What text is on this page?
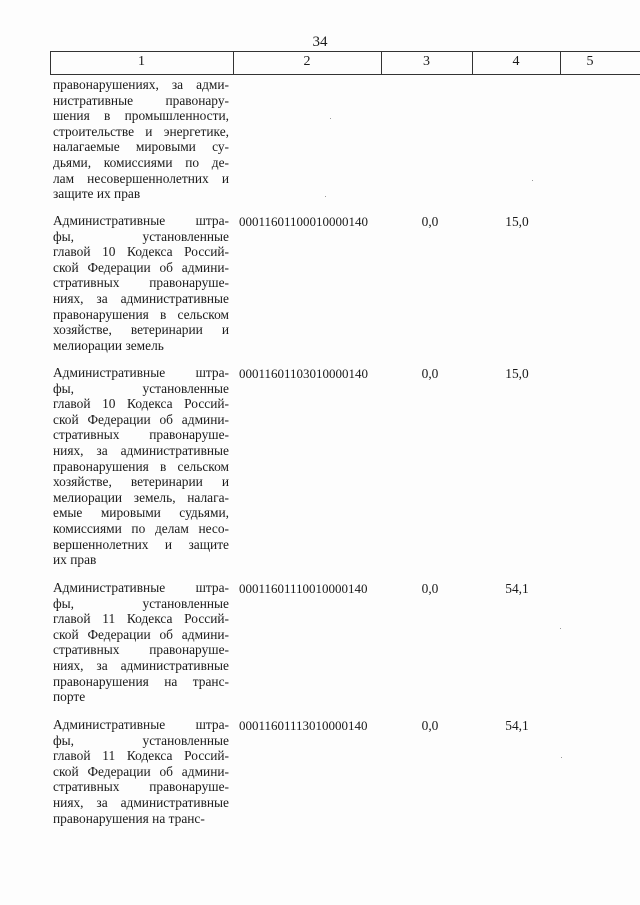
34
1	2	3	4	5
правонарушениях, за адми-
нистративные правонару-
шения в промышленности,
строительстве и энергетике,
налагаемые мировыми су-
дьями, комиссиями по де-
лам несовершеннолетних и
защите их прав
Административные штра-
фы, установленные
главой 10 Кодекса Россий-
ской Федерации об админи-
стративных правонаруше-
ниях, за административные
правонарушения в сельском
хозяйстве, ветеринарии и
мелиорации земель
00011601100010000140	0,0	15,0
Административные штра-
фы, установленные
главой 10 Кодекса Россий-
ской Федерации об админи-
стративных правонаруше-
ниях, за административные
правонарушения в сельском
хозяйстве, ветеринарии и
мелиорации земель, налага-
емые мировыми судьями,
комиссиями по делам несо-
вершеннолетних и защите
их прав
00011601103010000140	0,0	15,0
Административные штра-
фы, установленные
главой 11 Кодекса Россий-
ской Федерации об админи-
стративных правонаруше-
ниях, за административные
правонарушения на транс-
порте
00011601110010000140	0,0	54,1
Административные штра-
фы, установленные
главой 11 Кодекса Россий-
ской Федерации об админи-
стративных правонаруше-
ниях, за административные
правонарушения на транс-
00011601113010000140	0,0	54,1
